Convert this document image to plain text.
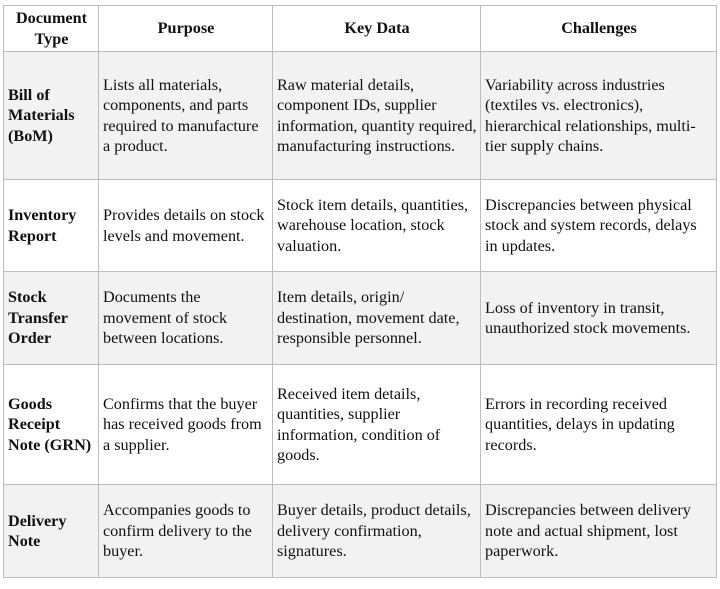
Document Type	Purpose	Key Data	Challenges
Bill of Materials (BoM)	Lists all materials, components, and parts required to manufacture a product.	Raw material details, component IDs, supplier information, quantity required, manufacturing instructions.	Variability across industries (textiles vs. electronics), hierarchical relationships, multi-tier supply chains.
Inventory Report	Provides details on stock levels and movement.	Stock item details, quantities, warehouse location, stock valuation.	Discrepancies between physical stock and system records, delays in updates.
Stock Transfer Order	Documents the movement of stock between locations.	Item details, origin/ destination, movement date, responsible personnel.	Loss of inventory in transit, unauthorized stock movements.
Goods Receipt Note (GRN)	Confirms that the buyer has received goods from a supplier.	Received item details, quantities, supplier information, condition of goods.	Errors in recording received quantities, delays in updating records.
Delivery Note	Accompanies goods to confirm delivery to the buyer.	Buyer details, product details, delivery confirmation, signatures.	Discrepancies between delivery note and actual shipment, lost paperwork.
